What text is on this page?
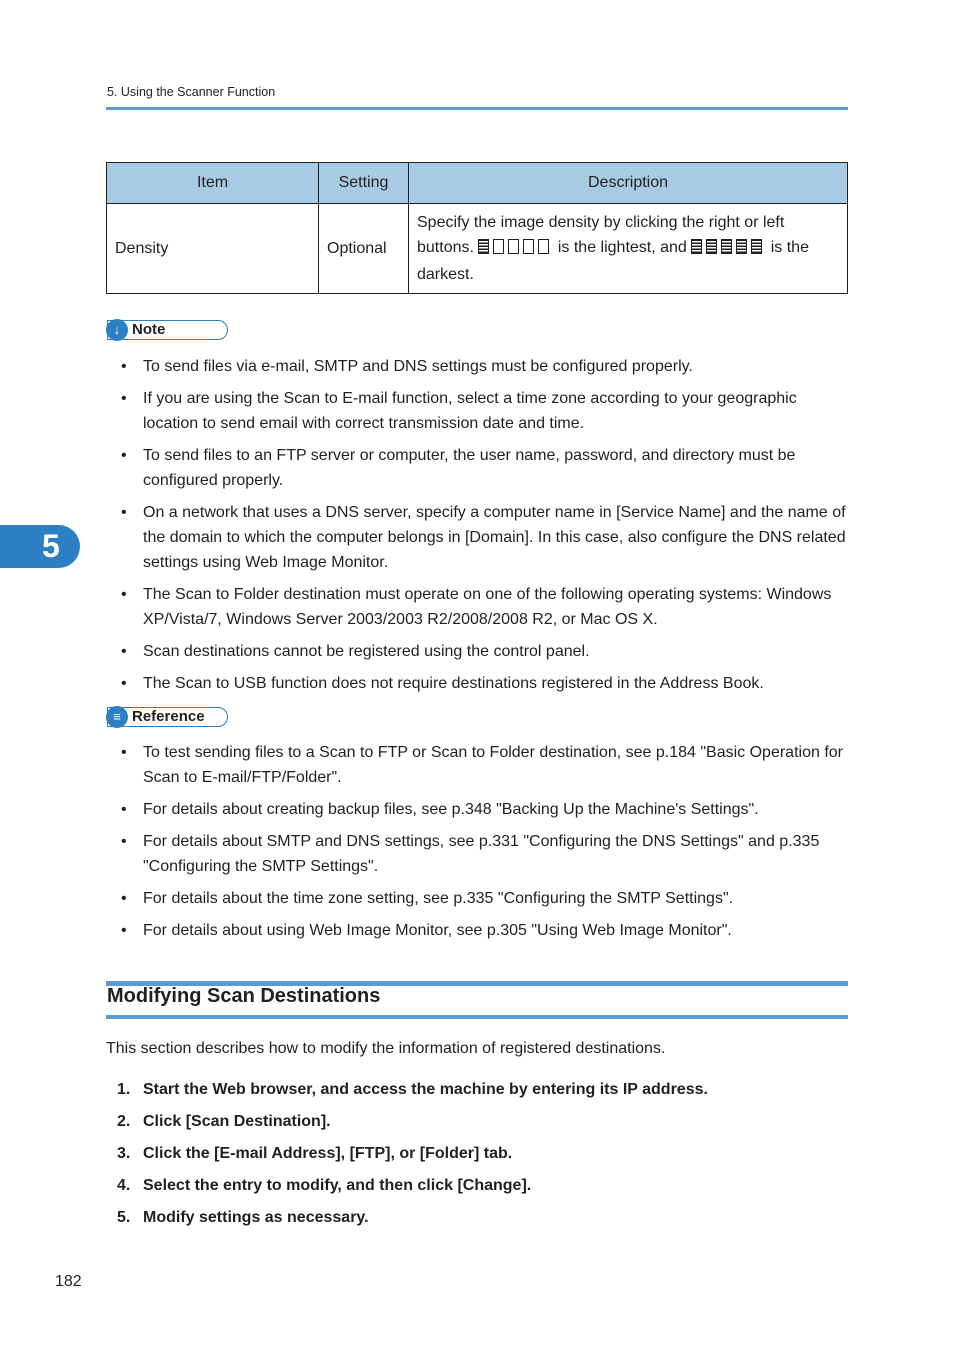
5. Using the Scanner Function
Item	Setting	Description
Density	Optional	Specify the image density by clicking the right or left buttons. is the lightest, and is the darkest.
↓ Note
• To send files via e-mail, SMTP and DNS settings must be configured properly.
• If you are using the Scan to E-mail function, select a time zone according to your geographic location to send email with correct transmission date and time.
• To send files to an FTP server or computer, the user name, password, and directory must be configured properly.
• On a network that uses a DNS server, specify a computer name in [Service Name] and the name of the domain to which the computer belongs in [Domain]. In this case, also configure the DNS related settings using Web Image Monitor.
• The Scan to Folder destination must operate on one of the following operating systems: Windows XP/Vista/7, Windows Server 2003/2003 R2/2008/2008 R2, or Mac OS X.
• Scan destinations cannot be registered using the control panel.
• The Scan to USB function does not require destinations registered in the Address Book.
≡ Reference
• To test sending files to a Scan to FTP or Scan to Folder destination, see p.184 "Basic Operation for Scan to E-mail/FTP/Folder".
• For details about creating backup files, see p.348 "Backing Up the Machine's Settings".
• For details about SMTP and DNS settings, see p.331 "Configuring the DNS Settings" and p.335 "Configuring the SMTP Settings".
• For details about the time zone setting, see p.335 "Configuring the SMTP Settings".
• For details about using Web Image Monitor, see p.305 "Using Web Image Monitor".
Modifying Scan Destinations
This section describes how to modify the information of registered destinations.
1. Start the Web browser, and access the machine by entering its IP address.
2. Click [Scan Destination].
3. Click the [E-mail Address], [FTP], or [Folder] tab.
4. Select the entry to modify, and then click [Change].
5. Modify settings as necessary.
5
182
